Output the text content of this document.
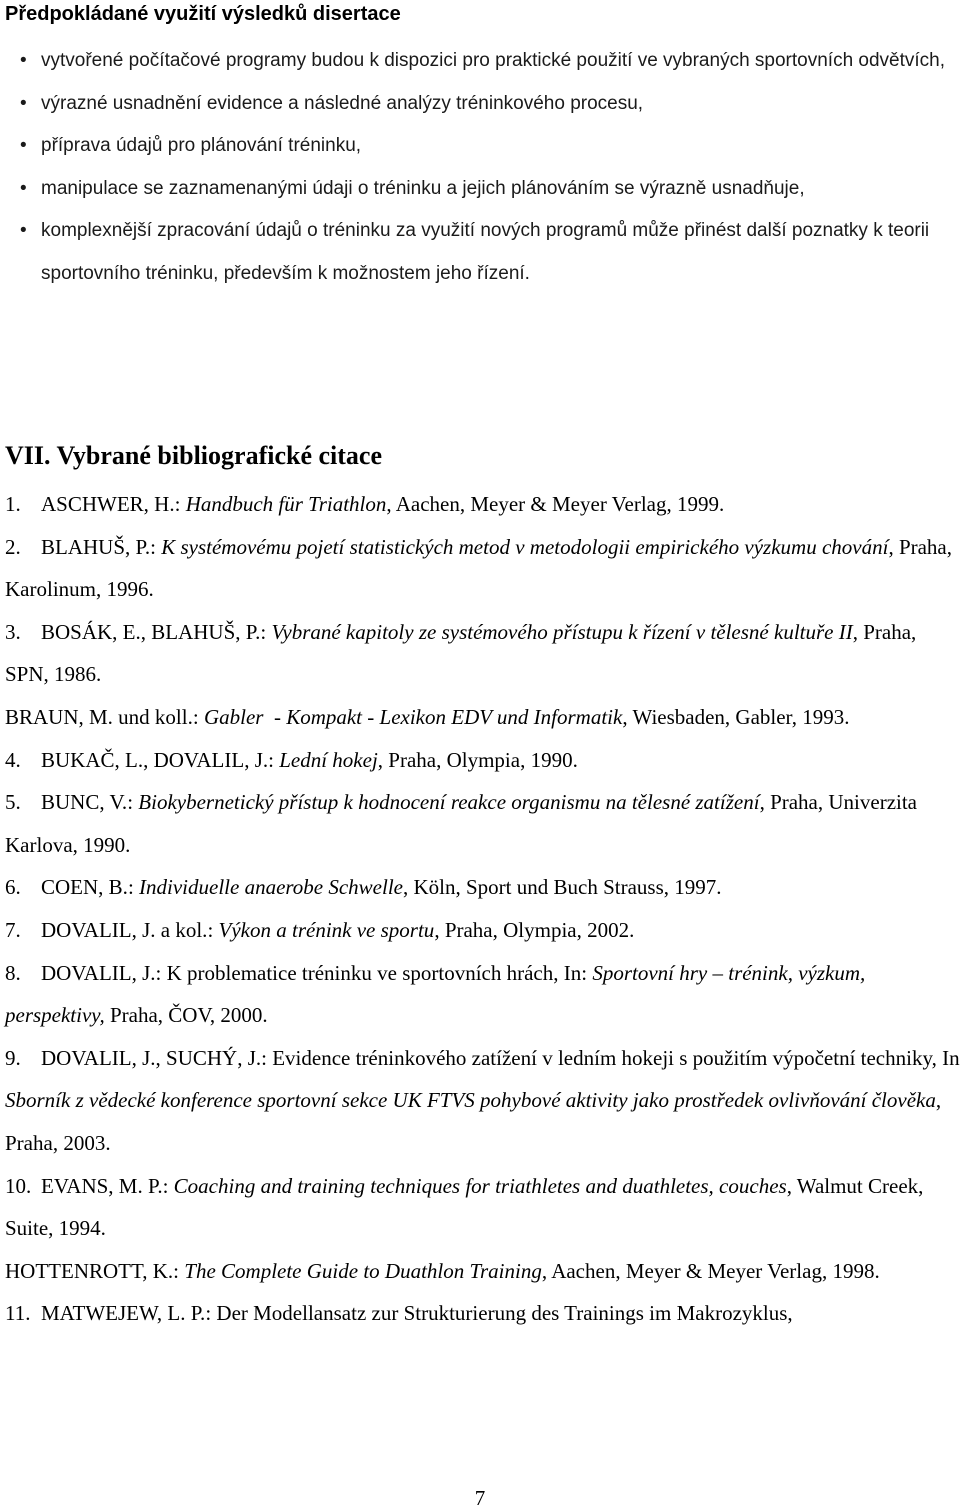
Předpokládané využití výsledků disertace
• vytvořené počítačové programy budou k dispozici pro praktické použití ve vybraných sportovních odvětvích,
• výrazné usnadnění evidence a následné analýzy tréninkového procesu,
• příprava údajů pro plánování tréninku,
• manipulace se zaznamenanými údaji o tréninku a jejich plánováním se výrazně usnadňuje,
• komplexnější zpracování údajů o tréninku za využití nových programů může přinést další poznatky k teorii sportovního tréninku, především k možnostem jeho řízení.
VII. Vybrané bibliografické citace

1. ASCHWER, H.: Handbuch für Triathlon, Aachen, Meyer & Meyer Verlag, 1999.

2. BLAHUŠ, P.: K systémovému pojetí statistických metod v metodologii empirického výzkumu chování, Praha, Karolinum, 1996.

3. BOSÁK, E., BLAHUŠ, P.: Vybrané kapitoly ze systémového přístupu k řízení v tělesné kultuře II, Praha, SPN, 1986.

BRAUN, M. und koll.: Gabler  - Kompakt - Lexikon EDV und Informatik, Wiesbaden, Gabler, 1993.

4. BUKAČ, L., DOVALIL, J.: Lední hokej, Praha, Olympia, 1990.

5. BUNC, V.: Biokybernetický přístup k hodnocení reakce organismu na tělesné zatížení, Praha, Univerzita Karlova, 1990.

6. COEN, B.: Individuelle anaerobe Schwelle, Köln, Sport und Buch Strauss, 1997.

7. DOVALIL, J. a kol.: Výkon a trénink ve sportu, Praha, Olympia, 2002.

8. DOVALIL, J.: K problematice tréninku ve sportovních hrách, In: Sportovní hry – trénink, výzkum, perspektivy, Praha, ČOV, 2000.

9. DOVALIL, J., SUCHÝ, J.: Evidence tréninkového zatížení v ledním hokeji s použitím výpočetní techniky, In Sborník z vědecké konference sportovní sekce UK FTVS pohybové aktivity jako prostředek ovlivňování člověka, Praha, 2003.

10. EVANS, M. P.: Coaching and training techniques for triathletes and duathletes, couches, Walmut Creek, Suite, 1994.

HOTTENROTT, K.: The Complete Guide to Duathlon Training, Aachen, Meyer & Meyer Verlag, 1998.

11. MATWEJEW, L. P.: Der Modellansatz zur Strukturierung des Trainings im Makrozyklus,

7
